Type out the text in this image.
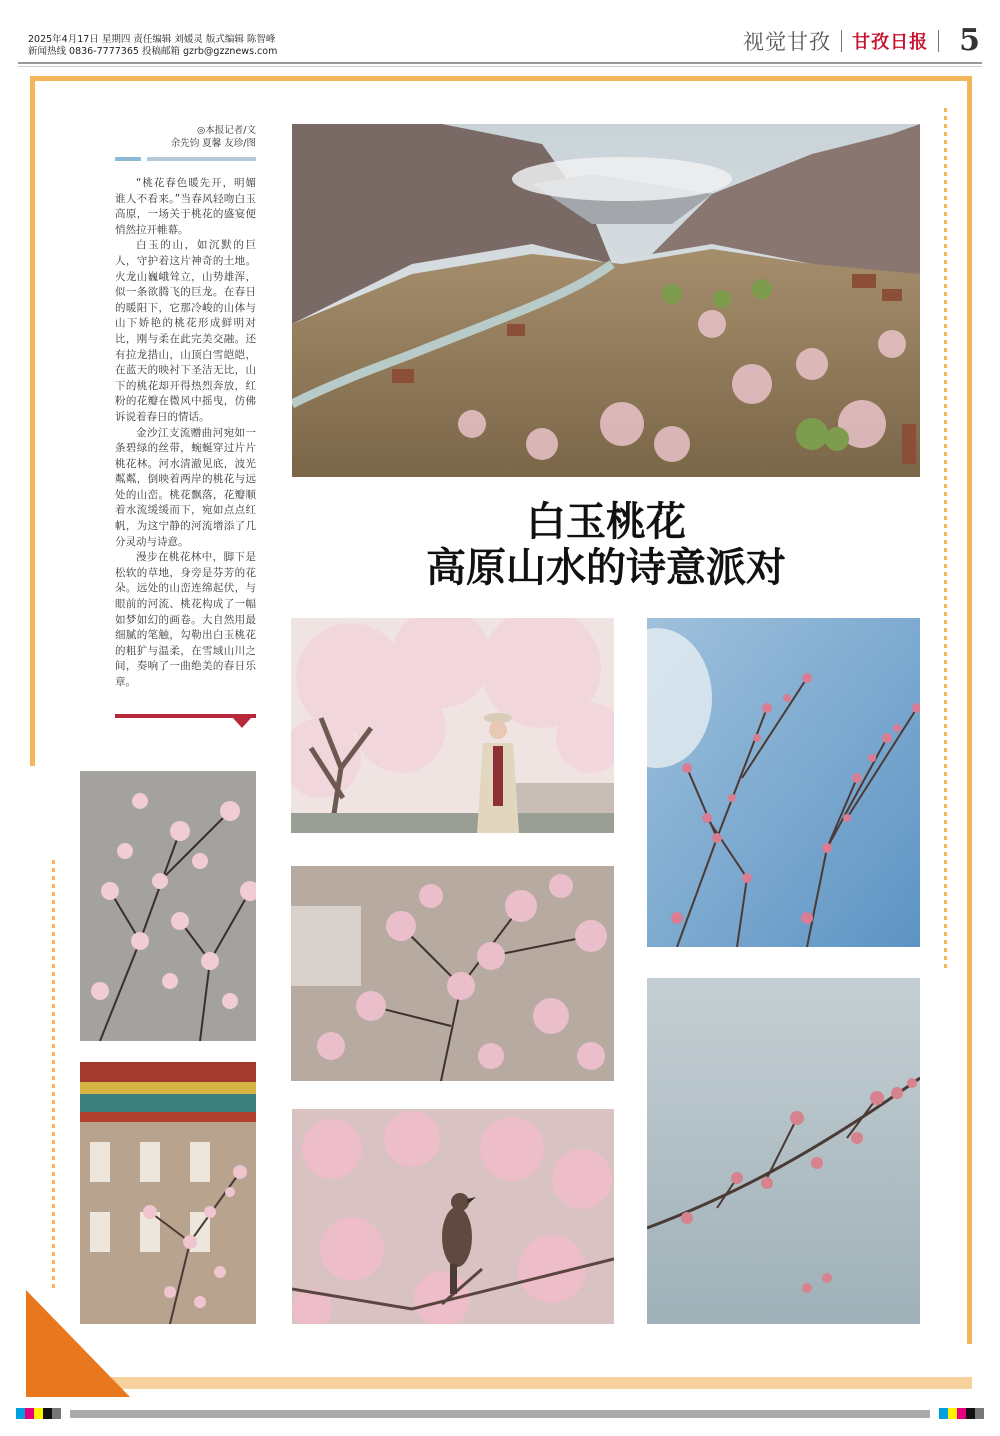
2025年4月17日 星期四 责任编辑 刘媛灵 版式编辑 陈智峰
新闻热线 0836-7777365 投稿邮箱 gzrb@gzznews.com	视觉甘孜 甘孜日报 5
◎本报记者/文
余先钧 夏馨 友珍/图

“桃花春色暖先开，明媚谁人不看来。”当春风轻吻白玉高原，一场关于桃花的盛宴便悄然拉开帷幕。

白玉的山，如沉默的巨人，守护着这片神奇的土地。火龙山巍峨耸立，山势雄浑，似一条欲腾飞的巨龙。在春日的暖阳下，它那冷峻的山体与山下娇艳的桃花形成鲜明对比，刚与柔在此完美交融。还有拉龙措山，山顶白雪皑皑，在蓝天的映衬下圣洁无比，山下的桃花却开得热烈奔放，红粉的花瓣在微风中摇曳，仿佛诉说着春日的情话。

金沙江支流赠曲河宛如一条碧绿的丝带，蜿蜒穿过片片桃花林。河水清澈见底，波光粼粼，倒映着两岸的桃花与远处的山峦。桃花飘落，花瓣顺着水流缓缓而下，宛如点点红帆，为这宁静的河流增添了几分灵动与诗意。

漫步在桃花林中，脚下是松软的草地，身旁是芬芳的花朵。远处的山峦连绵起伏，与眼前的河流、桃花构成了一幅如梦如幻的画卷。大自然用最细腻的笔触，勾勒出白玉桃花的粗犷与温柔，在雪域山川之间，奏响了一曲绝美的春日乐章。

白玉桃花
高原山水的诗意派对
